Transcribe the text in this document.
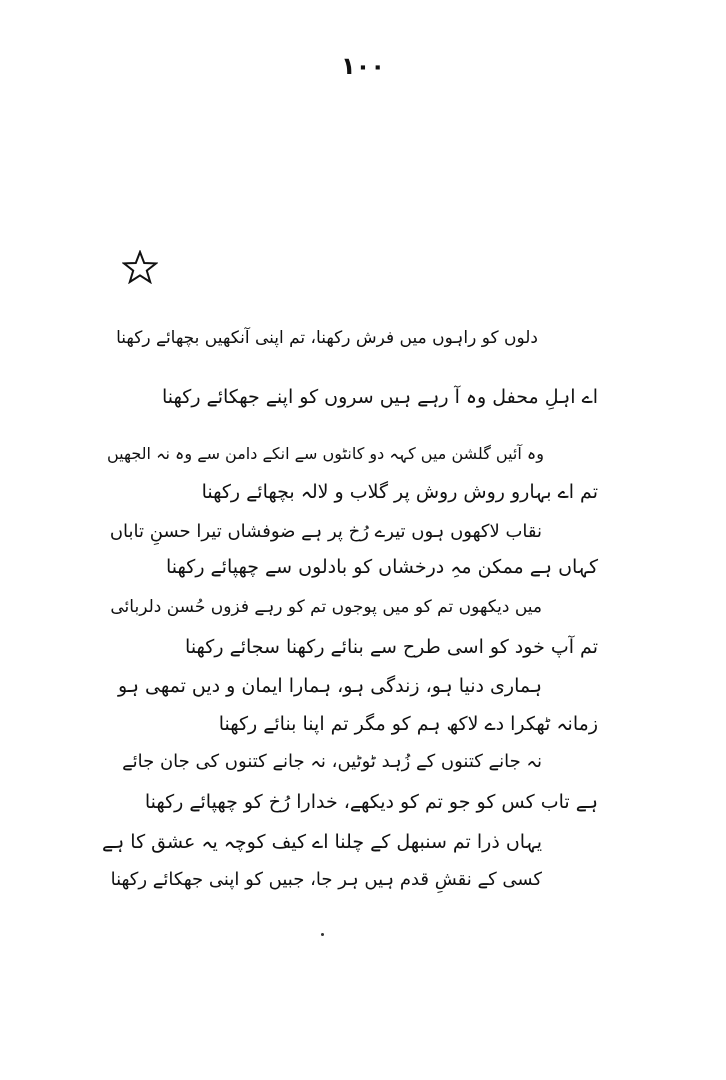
۱۰۰
دلوں کو راہوں میں فرش رکھنا، تم اپنی آنکھیں بچھائے رکھنا
اے اہلِ محفل وہ آ رہے ہیں سروں کو اپنے جھکائے رکھنا
وہ آئیں گلشن میں کہہ دو کانٹوں سے انکے دامن سے وہ نہ الجھیں
تم اے بہارو روش روش پر گلاب و لالہ بچھائے رکھنا
نقاب لاکھوں ہوں تیرے رُخ پر ہے ضوفشاں تیرا حسنِ تاباں
کہاں ہے ممکن مہِ درخشاں کو بادلوں سے چھپائے رکھنا
میں دیکھوں تم کو میں پوجوں تم کو رہے فزوں حُسن دلربائی
تم آپ خود کو اسی طرح سے بنائے رکھنا سجائے رکھنا
ہماری دنیا ہو، زندگی ہو، ہمارا ایمان و دیں تمھی ہو
زمانہ ٹھکرا دے لاکھ ہم کو مگر تم اپنا بنائے رکھنا
نہ جانے کتنوں کے زُہد ٹوٹیں، نہ جانے کتنوں کی جان جائے
ہے تاب کس کو جو تم کو دیکھے، خدارا رُخ کو چھپائے رکھنا
یہاں ذرا تم سنبھل کے چلنا اے کیف کوچہ یہ عشق کا ہے
کسی کے نقشِ قدم ہیں ہر جا، جبیں کو اپنی جھکائے رکھنا
